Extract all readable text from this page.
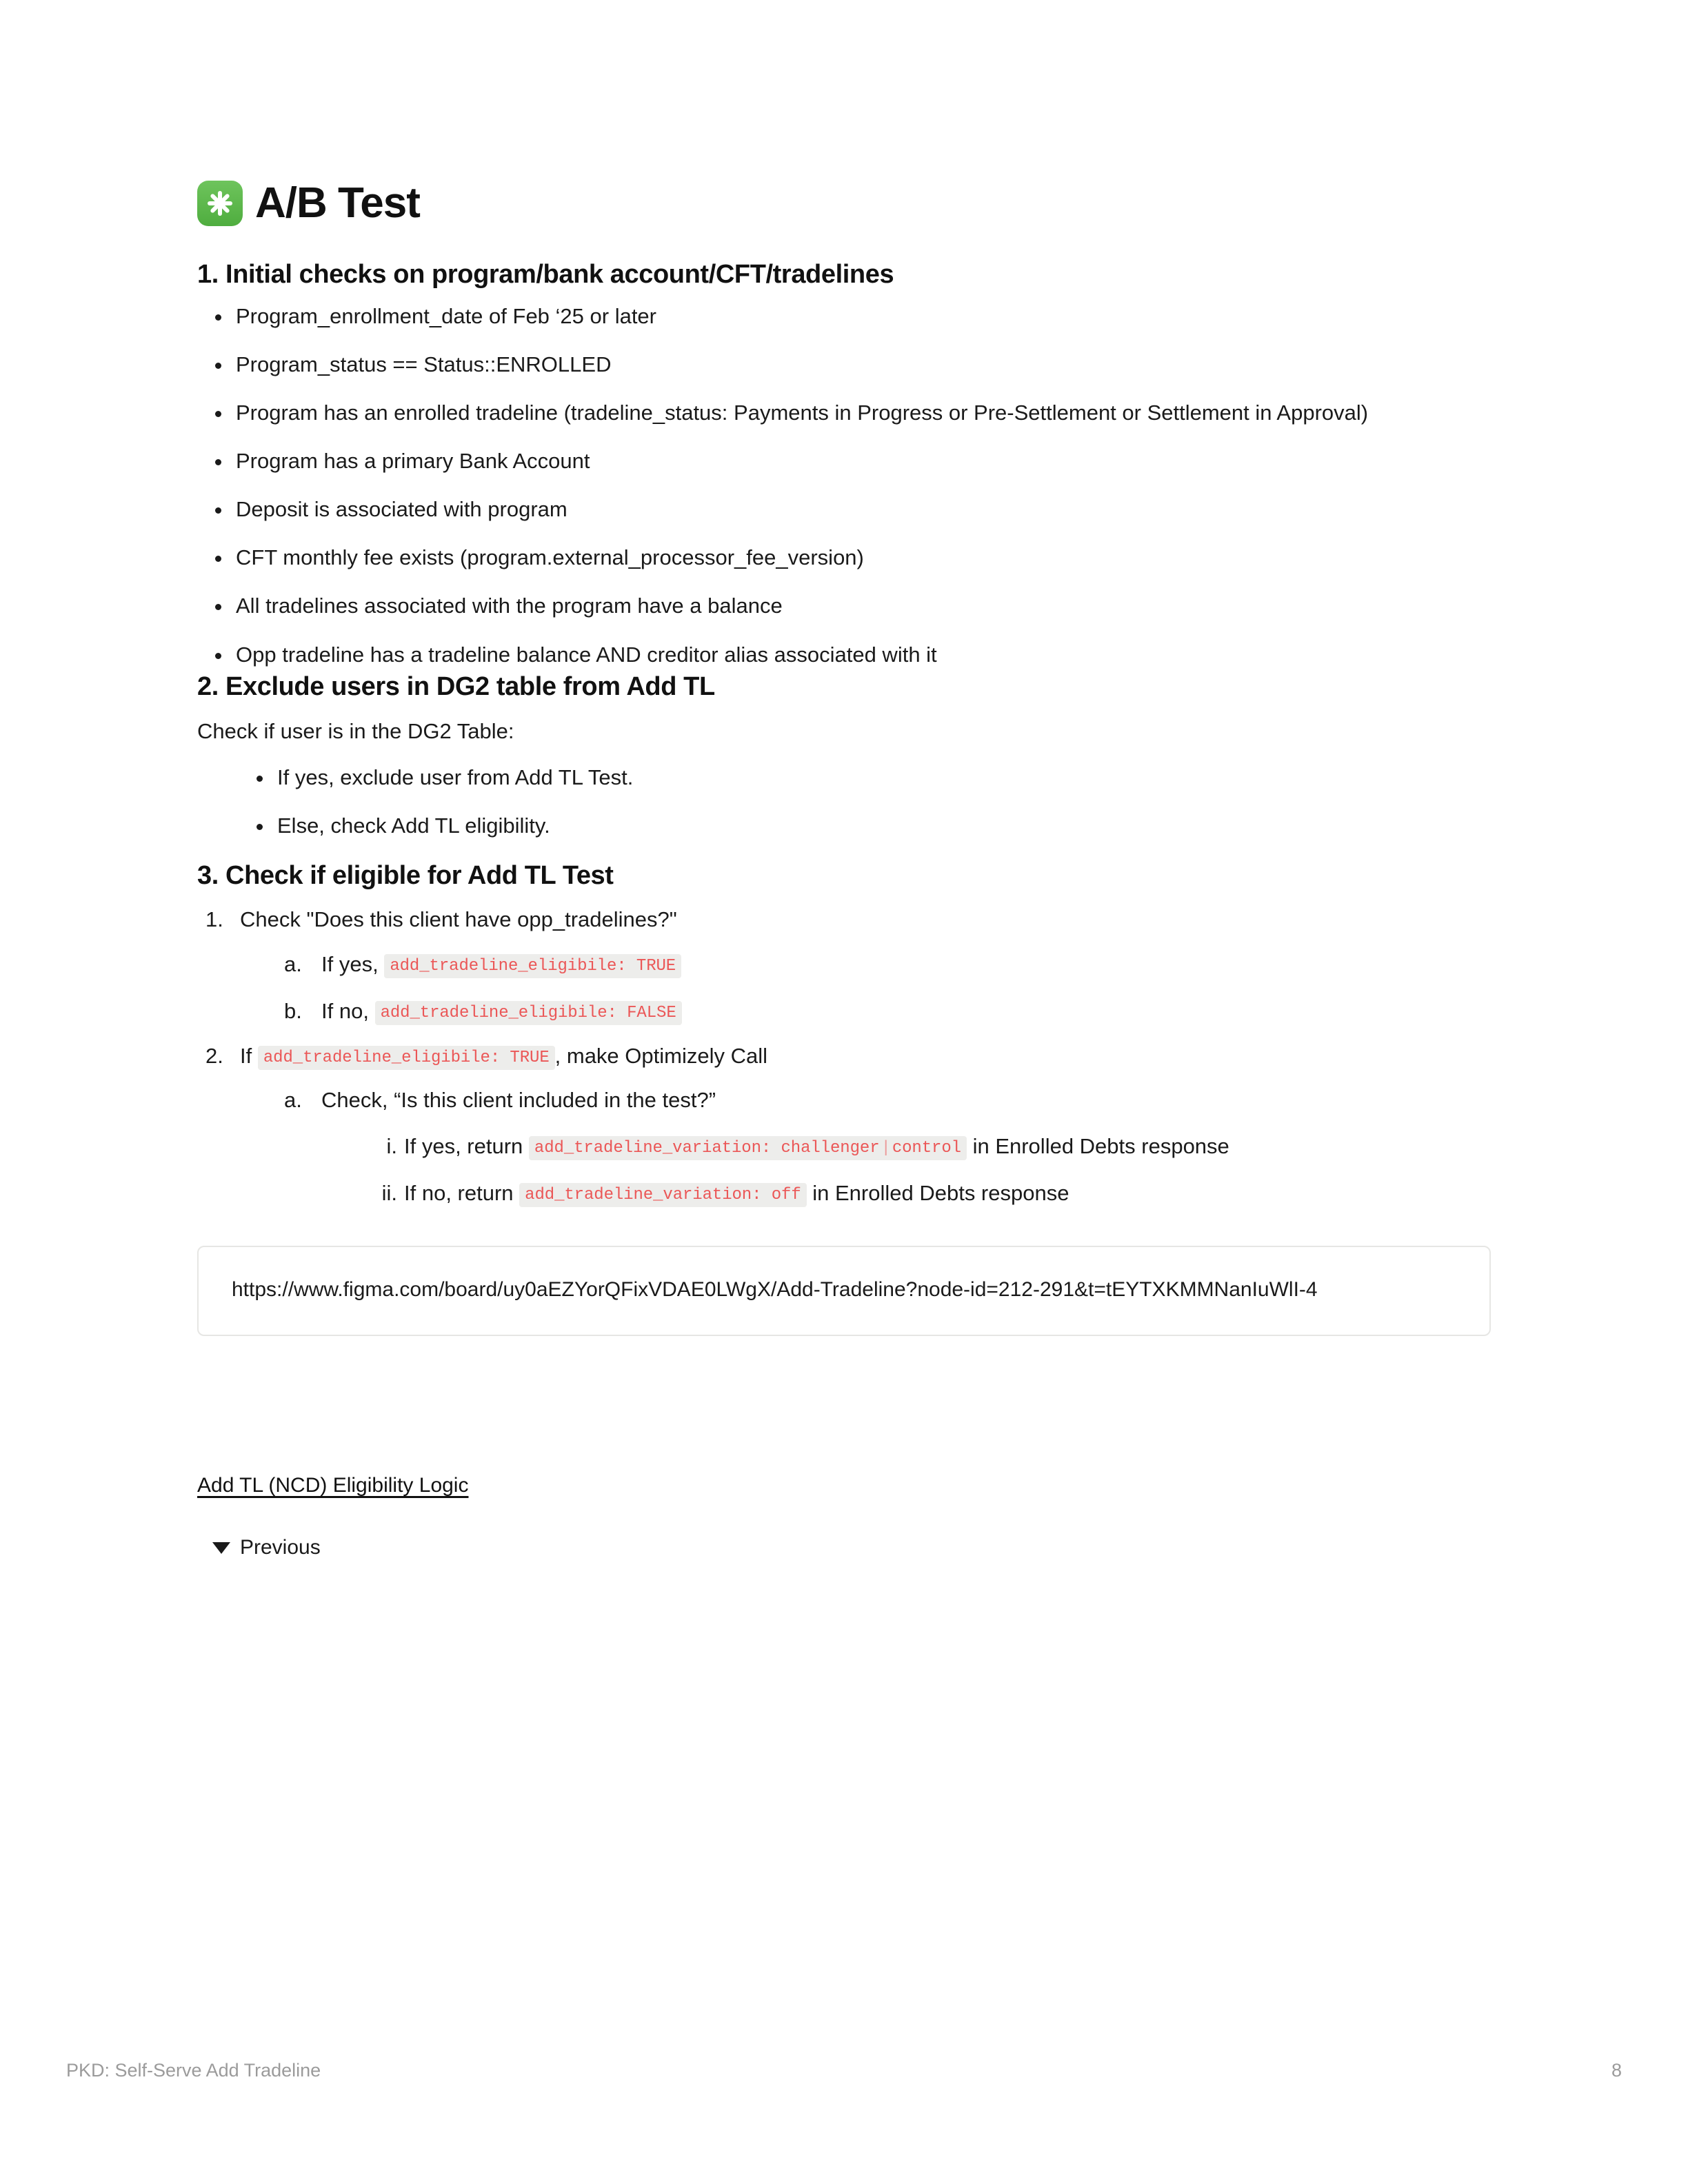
A/B Test
1. Initial checks on program/bank account/CFT/tradelines
Program_enrollment_date of Feb ‘25 or later
Program_status == Status::ENROLLED
Program has an enrolled tradeline (tradeline_status: Payments in Progress or Pre-Settlement or Settlement in Approval)
Program has a primary Bank Account
Deposit is associated with program
CFT monthly fee exists (program.external_processor_fee_version)
All tradelines associated with the program have a balance
Opp tradeline has a tradeline balance AND creditor alias associated with it
2. Exclude users in DG2 table from Add TL

Check if user is in the DG2 Table:

If yes, exclude user from Add TL Test.
Else, check Add TL eligibility.
3. Check if eligible for Add TL Test
Check "Does this client have opp_tradelines?"
If yes, add_tradeline_eligibile: TRUE
If no, add_tradeline_eligibile: FALSE
If add_tradeline_eligibile: TRUE , make Optimizely Call
Check, “Is this client included in the test?”
If yes, return add_tradeline_variation: challenger|control in Enrolled Debts response
If no, return add_tradeline_variation: off in Enrolled Debts response
https://www.figma.com/board/uy0aEZYorQFixVDAE0LWgX/Add-Tradeline?node-id=212-291&t=tEYTXKMMNanIuWlI-4
Add TL (NCD) Eligibility Logic
Previous
PKD: Self-Serve Add Tradeline	8
